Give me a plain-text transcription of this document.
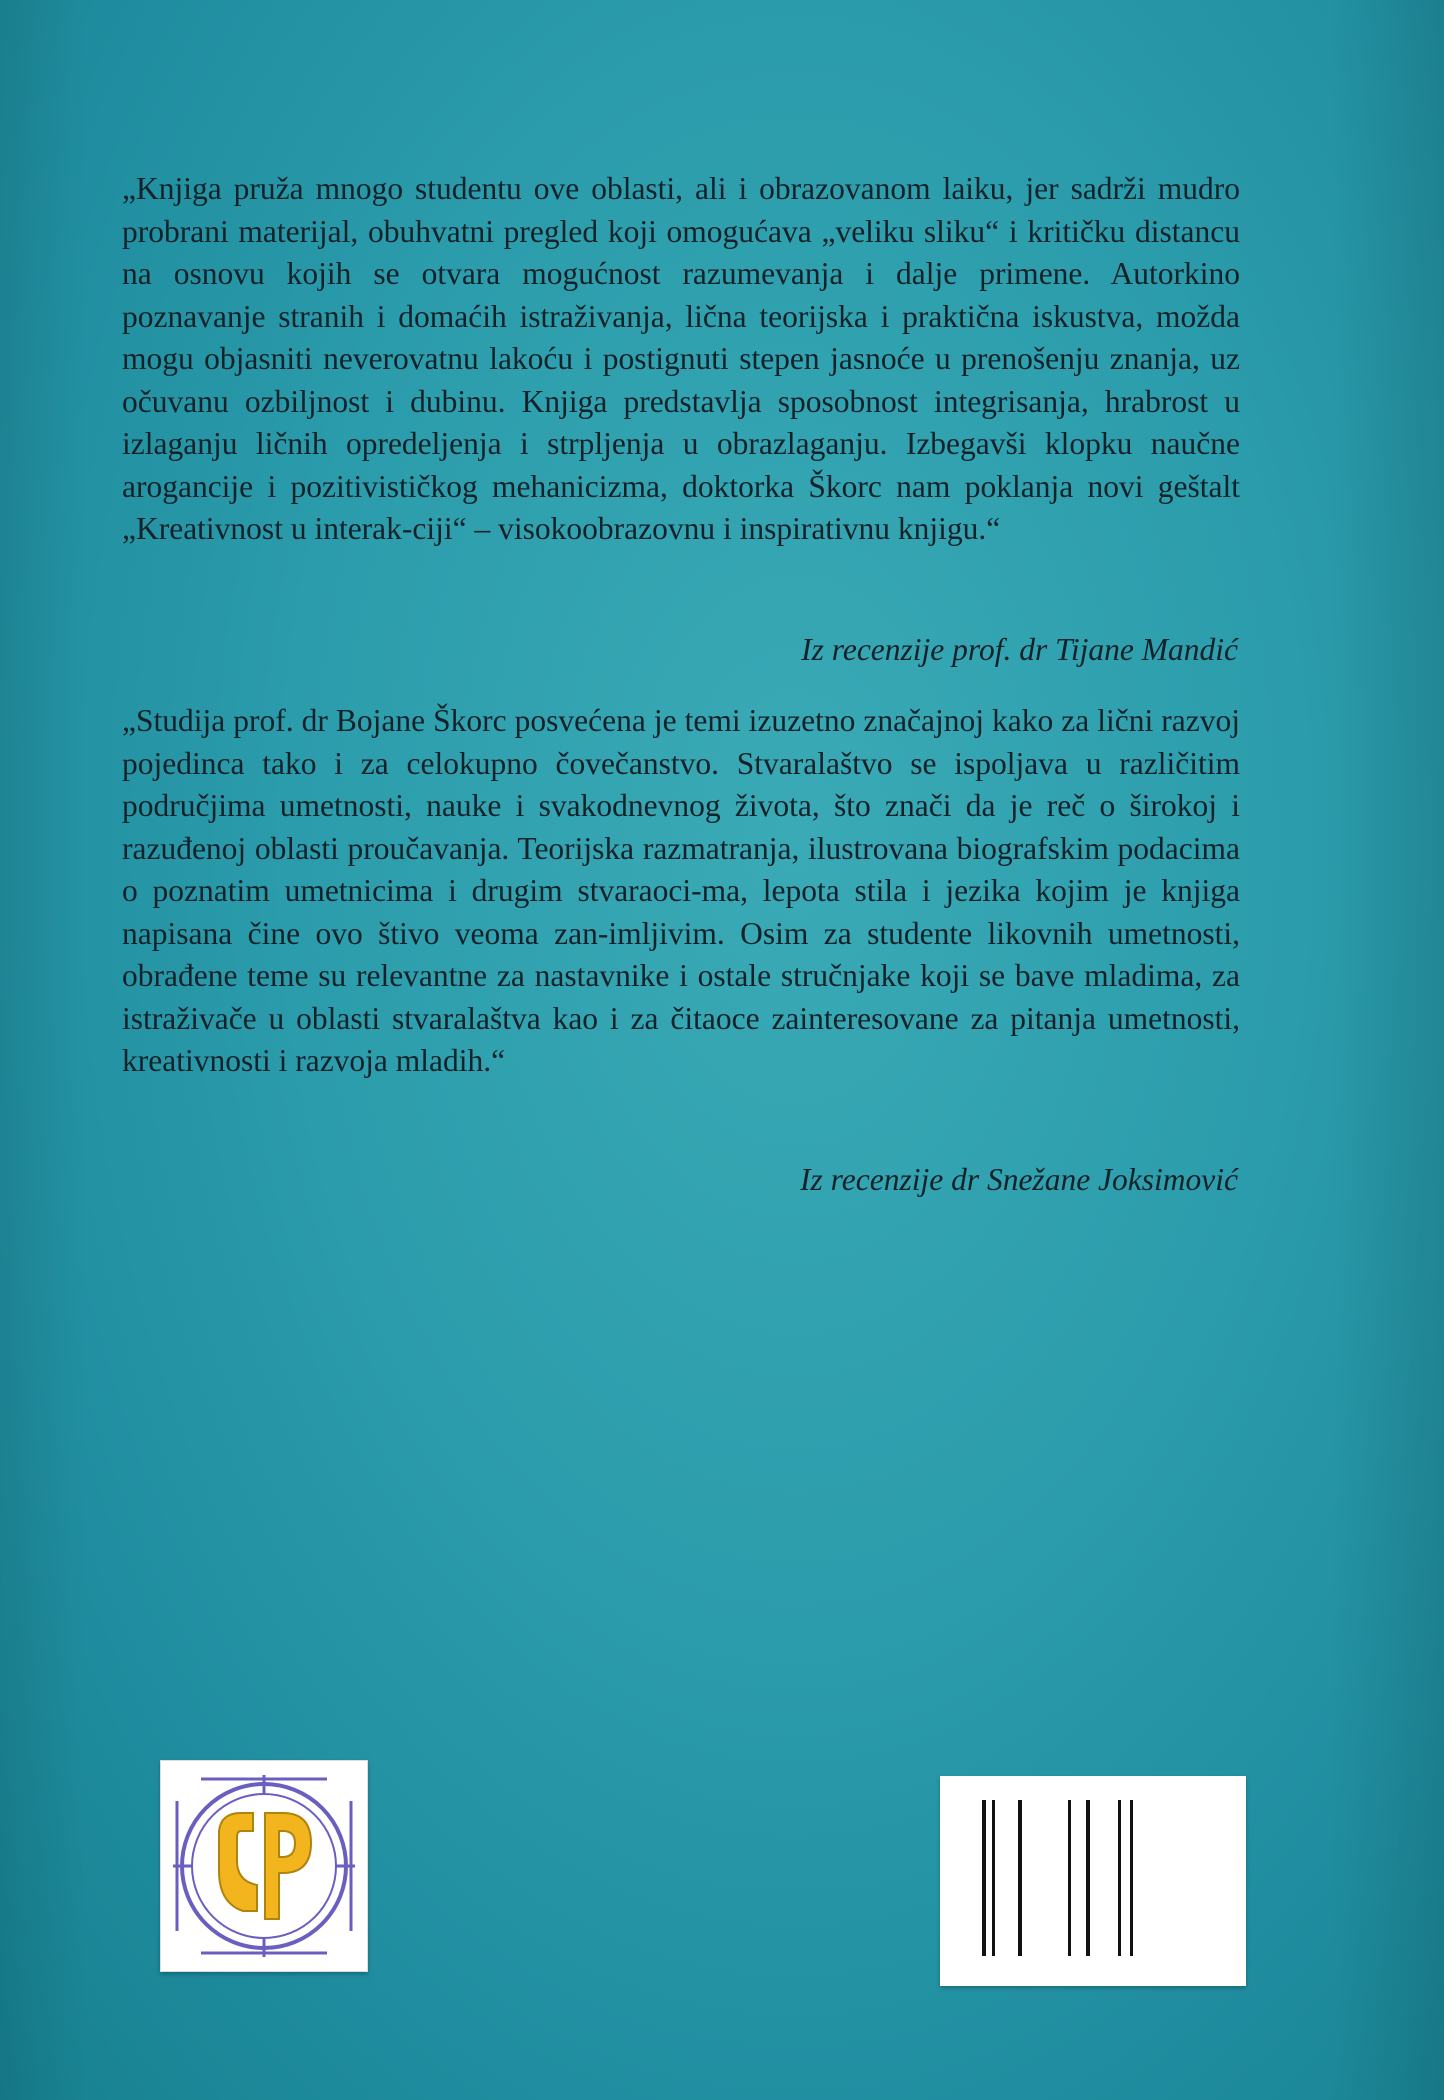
„Knjiga pruža mnogo studentu ove oblasti, ali i obrazovanom laiku, jer sadrži mudro probrani materijal, obuhvatni pregled koji omogućava „veliku sliku“ i kritičku distancu na osnovu kojih se otvara mogućnost razumevanja i dalje primene. Autorkino poznavanje stranih i domaćih istraživanja, lična teorijska i praktična iskustva, možda mogu objasniti neverovatnu lakoću i postignuti stepen jasnoće u prenošenju znanja, uz očuvanu ozbiljnost i dubinu. Knjiga predstavlja sposobnost integrisanja, hrabrost u izlaganju ličnih opredeljenja i strpljenja u obrazlaganju. Izbegavši klopku naučne arogancije i pozitivističkog mehanicizma, doktorka Škorc nam poklanja novi geštalt „Kreativnost u interak-ciji“ – visokoobrazovnu i inspirativnu knjigu.“

Iz recenzije prof. dr Tijane Mandić

„Studija prof. dr Bojane Škorc posvećena je temi izuzetno značajnoj kako za lični razvoj pojedinca tako i za celokupno čovečanstvo. Stvaralaštvo se ispoljava u različitim područjima umetnosti, nauke i svakodnevnog života, što znači da je reč o širokoj i razuđenoj oblasti proučavanja. Teorijska razmatranja, ilustrovana biografskim podacima o poznatim umetnicima i drugim stvaraoci-ma, lepota stila i jezika kojim je knjiga napisana čine ovo štivo veoma zan-imljivim. Osim za studente likovnih umetnosti, obrađene teme su relevantne za nastavnike i ostale stručnjake koji se bave mladima, za istraživače u oblasti stvaralaštva kao i za čitaoce zainteresovane za pitanja umetnosti, kreativnosti i razvoja mladih.“

Iz recenzije dr Snežane Joksimović
